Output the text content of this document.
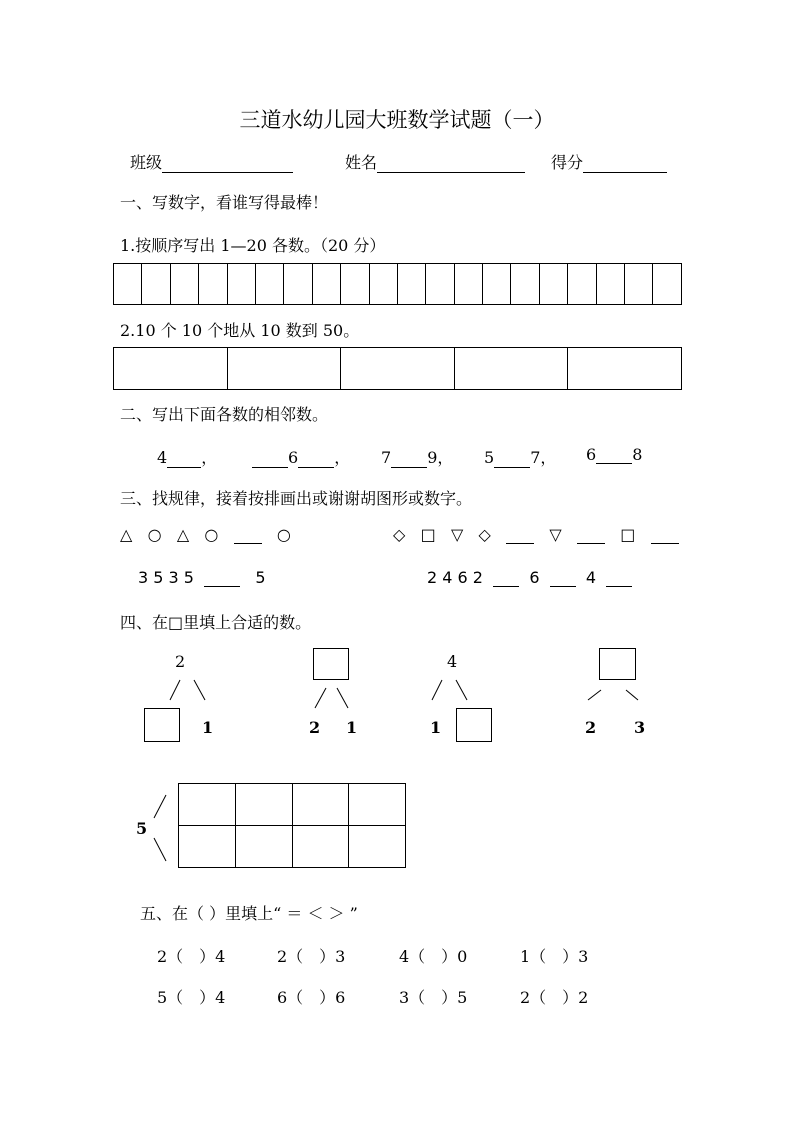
三道水幼儿园大班数学试题（一）
班级	姓名	得分
一、写数字，看谁写得最棒！
1.按顺序写出 1—20 各数。（20 分）

2.10 个 10 个地从 10 数到 50。

二、写出下面各数的相邻数。
4 ，	6 ， 7 9， 5 7， 6 8
三、找规律，接着按排画出或谢谢胡图形或数字。
△ ○ △ ○	○	◇ □ ▽ ◇	▽	□
3 5 3 5	5	2 4 6 2	6	4
四、在□里填上合适的数。
2
1	2 1
4
1	2 3
5

五、在（ ）里填上“ ＝ ＜ ＞ ”
2（　）4	2（　）3	4（　）0	1（　）3
5（　）4	6（　）6	3（　）5	2（　）2
